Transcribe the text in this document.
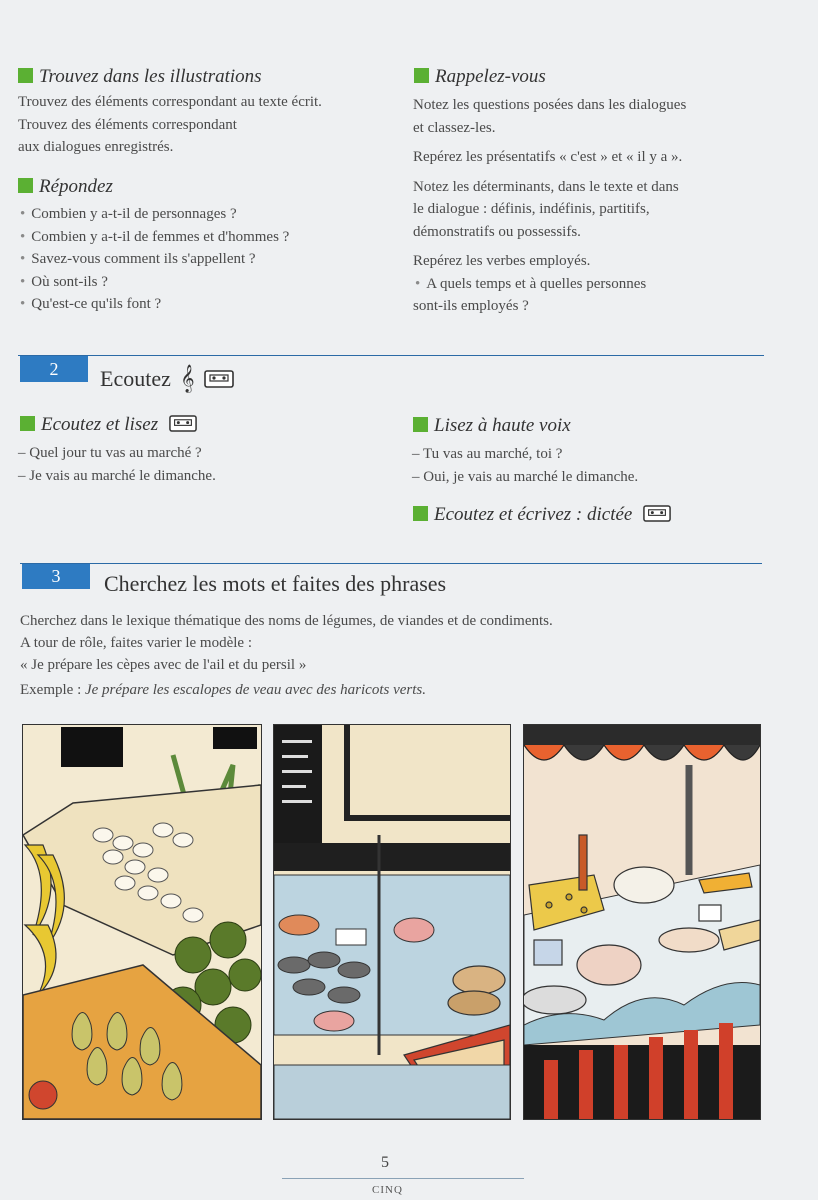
Trouvez dans les illustrations
Trouvez des éléments correspondant au texte écrit.
Trouvez des éléments correspondant
aux dialogues enregistrés.
Répondez
• Combien y a-t-il de personnages ?
• Combien y a-t-il de femmes et d'hommes ?
• Savez-vous comment ils s'appellent ?
• Où sont-ils ?
• Qu'est-ce qu'ils font ?
Rappelez-vous
Notez les questions posées dans les dialogues
et classez-les.
Repérez les présentatifs « c'est » et « il y a ».
Notez les déterminants, dans le texte et dans
le dialogue : définis, indéfinis, partitifs,
démonstratifs ou possessifs.
Repérez les verbes employés.
• A quels temps et à quelles personnes
sont-ils employés ?
2	Ecoutez 𝄞
Ecoutez et lisez
– Quel jour tu vas au marché ?
– Je vais au marché le dimanche.
Lisez à haute voix
– Tu vas au marché, toi ?
– Oui, je vais au marché le dimanche.
Ecoutez et écrivez : dictée
3	Cherchez les mots et faites des phrases
Cherchez dans le lexique thématique des noms de légumes, de viandes et de condiments.
A tour de rôle, faites varier le modèle :
« Je prépare les cèpes avec de l'ail et du persil »
Exemple : Je prépare les escalopes de veau avec des haricots verts.
5
CINQ
